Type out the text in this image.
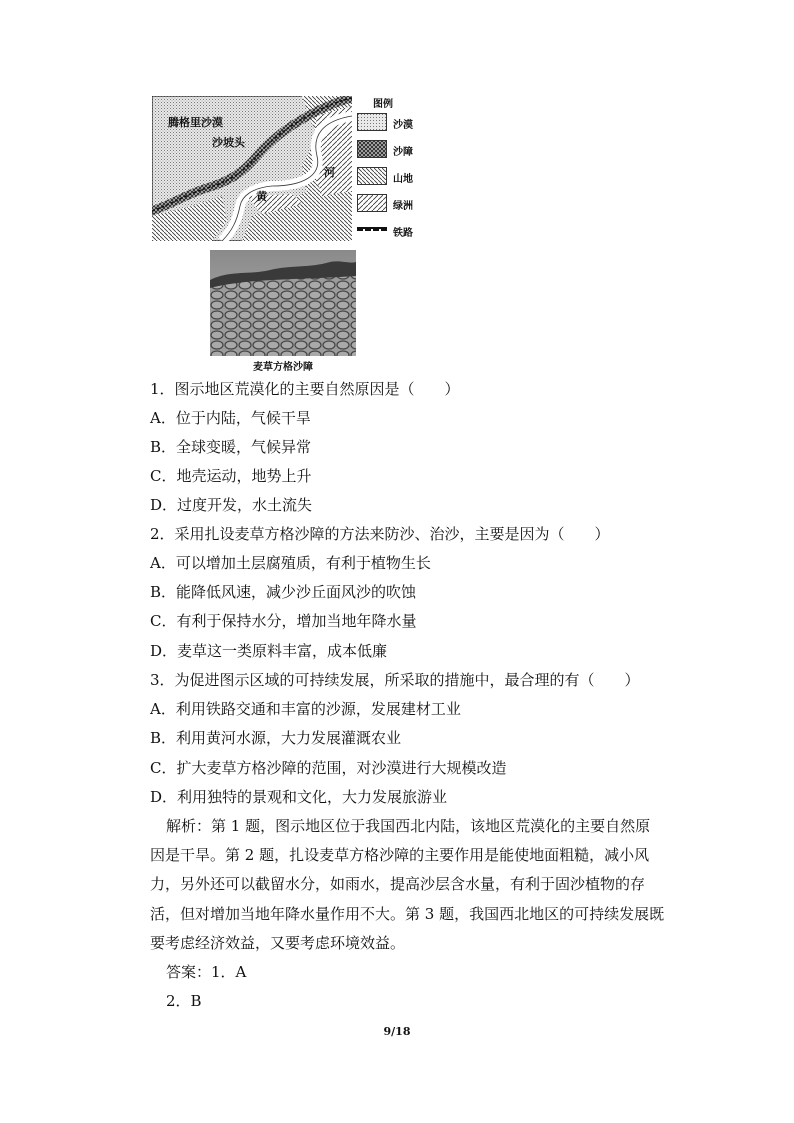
腾格里沙漠
沙坡头
黄
河
图例
沙漠
沙障
山地
绿洲
铁路
麦草方格沙障
1．图示地区荒漠化的主要自然原因是（　　）
A．位于内陆，气候干旱
B．全球变暖，气候异常
C．地壳运动，地势上升
D．过度开发，水土流失
2．采用扎设麦草方格沙障的方法来防沙、治沙，主要是因为（　　）
A．可以增加土层腐殖质，有利于植物生长
B．能降低风速，减少沙丘面风沙的吹蚀
C．有利于保持水分，增加当地年降水量
D．麦草这一类原料丰富，成本低廉
3．为促进图示区域的可持续发展，所采取的措施中，最合理的有（　　）
A．利用铁路交通和丰富的沙源，发展建材工业
B．利用黄河水源，大力发展灌溉农业
C．扩大麦草方格沙障的范围，对沙漠进行大规模改造
D．利用独特的景观和文化，大力发展旅游业
解析：第 1 题，图示地区位于我国西北内陆，该地区荒漠化的主要自然原
因是干旱。第 2 题，扎设麦草方格沙障的主要作用是能使地面粗糙，减小风
力，另外还可以截留水分，如雨水，提高沙层含水量，有利于固沙植物的存
活，但对增加当地年降水量作用不大。第 3 题，我国西北地区的可持续发展既
要考虑经济效益，又要考虑环境效益。
答案：1．A
2．B
9/18
